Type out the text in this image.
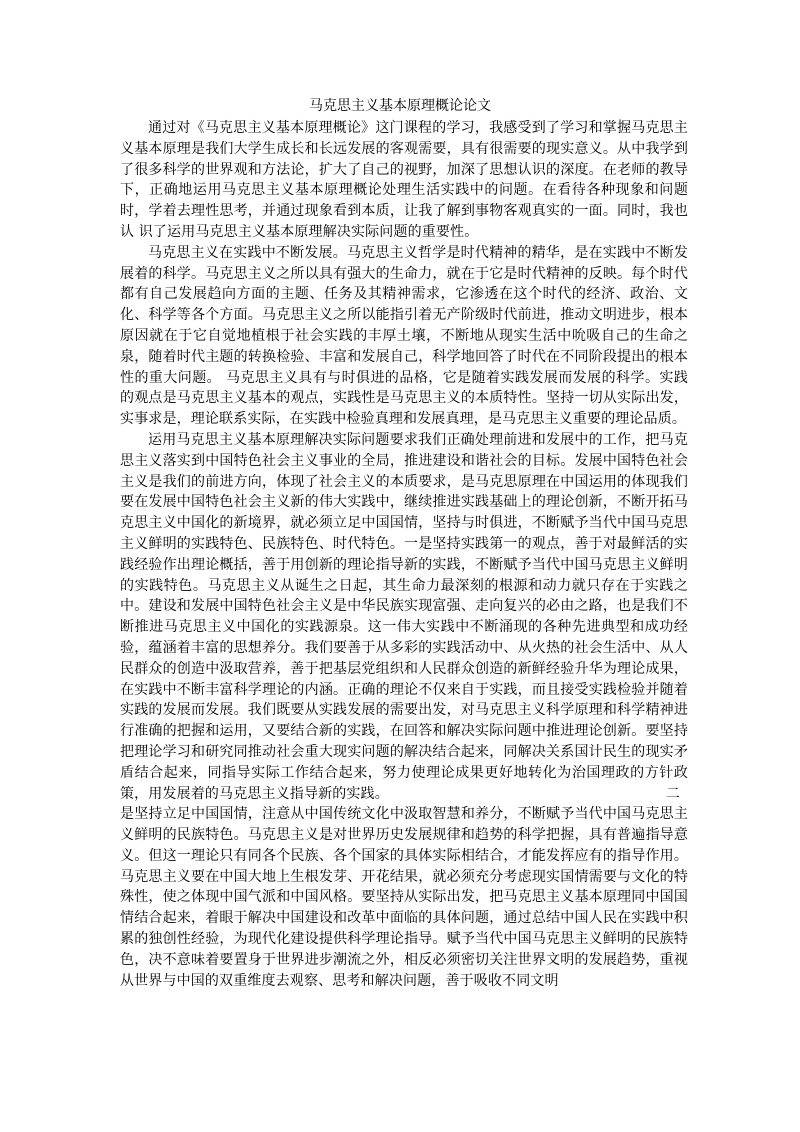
马克思主义基本原理概论论文

通过对《马克思主义基本原理概论》这门课程的学习，我感受到了学习和掌握马克思主义基本原理是我们大学生成长和长远发展的客观需要，具有很需要的现实意义。从中我学到了很多科学的世界观和方法论，扩大了自己的视野，加深了思想认识的深度。在老师的教导下，正确地运用马克思主义基本原理概论处理生活实践中的问题。在看待各种现象和问题时，学着去理性思考，并通过现象看到本质，让我了解到事物客观真实的一面。同时，我也认 识了运用马克思主义基本原理解决实际问题的重要性。

马克思主义在实践中不断发展。马克思主义哲学是时代精神的精华，是在实践中不断发展着的科学。马克思主义之所以具有强大的生命力，就在于它是时代精神的反映。每个时代都有自己发展趋向方面的主题、任务及其精神需求，它渗透在这个时代的经济、政治、文化、科学等各个方面。马克思主义之所以能指引着无产阶级时代前进，推动文明进步，根本原因就在于它自觉地植根于社会实践的丰厚土壤，不断地从现实生活中吮吸自己的生命之泉，随着时代主题的转换检验、丰富和发展自己，科学地回答了时代在不同阶段提出的根本性的重大问题。 马克思主义具有与时俱进的品格，它是随着实践发展而发展的科学。实践的观点是马克思主义基本的观点，实践性是马克思主义的本质特性。坚持一切从实际出发，实事求是，理论联系实际，在实践中检验真理和发展真理，是马克思主义重要的理论品质。

运用马克思主义基本原理解决实际问题要求我们正确处理前进和发展中的工作，把马克思主义落实到中国特色社会主义事业的全局，推进建设和谐社会的目标。发展中国特色社会主义是我们的前进方向，体现了社会主义的本质要求，是马克思原理在中国运用的体现我们要在发展中国特色社会主义新的伟大实践中，继续推进实践基础上的理论创新，不断开拓马克思主义中国化的新境界，就必须立足中国国情，坚持与时俱进，不断赋予当代中国马克思主义鲜明的实践特色、民族特色、时代特色。一是坚持实践第一的观点，善于对最鲜活的实践经验作出理论概括，善于用创新的理论指导新的实践，不断赋予当代中国马克思主义鲜明的实践特色。马克思主义从诞生之日起，其生命力最深刻的根源和动力就只存在于实践之中。建设和发展中国特色社会主义是中华民族实现富强、走向复兴的必由之路，也是我们不断推进马克思主义中国化的实践源泉。这一伟大实践中不断涌现的各种先进典型和成功经验，蕴涵着丰富的思想养分。我们要善于从多彩的实践活动中、从火热的社会生活中、从人民群众的创造中汲取营养，善于把基层党组织和人民群众创造的新鲜经验升华为理论成果，在实践中不断丰富科学理论的内涵。正确的理论不仅来自于实践，而且接受实践检验并随着实践的发展而发展。我们既要从实践发展的需要出发，对马克思主义科学原理和科学精神进行准确的把握和运用，又要结合新的实践，在回答和解决实际问题中推进理论创新。要坚持把理论学习和研究同推动社会重大现实问题的解决结合起来，同解决关系国计民生的现实矛盾结合起来，同指导实际工作结合起来，努力使理论成果更好地转化为治国理政的方针政策，用发展着的马克思主义指导新的实践。	二

是坚持立足中国国情，注意从中国传统文化中汲取智慧和养分，不断赋予当代中国马克思主义鲜明的民族特色。马克思主义是对世界历史发展规律和趋势的科学把握，具有普遍指导意义。但这一理论只有同各个民族、各个国家的具体实际相结合，才能发挥应有的指导作用。马克思主义要在中国大地上生根发芽、开花结果，就必须充分考虑现实国情需要与文化的特殊性，使之体现中国气派和中国风格。要坚持从实际出发，把马克思主义基本原理同中国国情结合起来，着眼于解决中国建设和改革中面临的具体问题，通过总结中国人民在实践中积累的独创性经验，为现代化建设提供科学理论指导。赋予当代中国马克思主义鲜明的民族特色，决不意味着要置身于世界进步潮流之外，相反必须密切关注世界文明的发展趋势，重视从世界与中国的双重维度去观察、思考和解决问题，善于吸收不同文明
